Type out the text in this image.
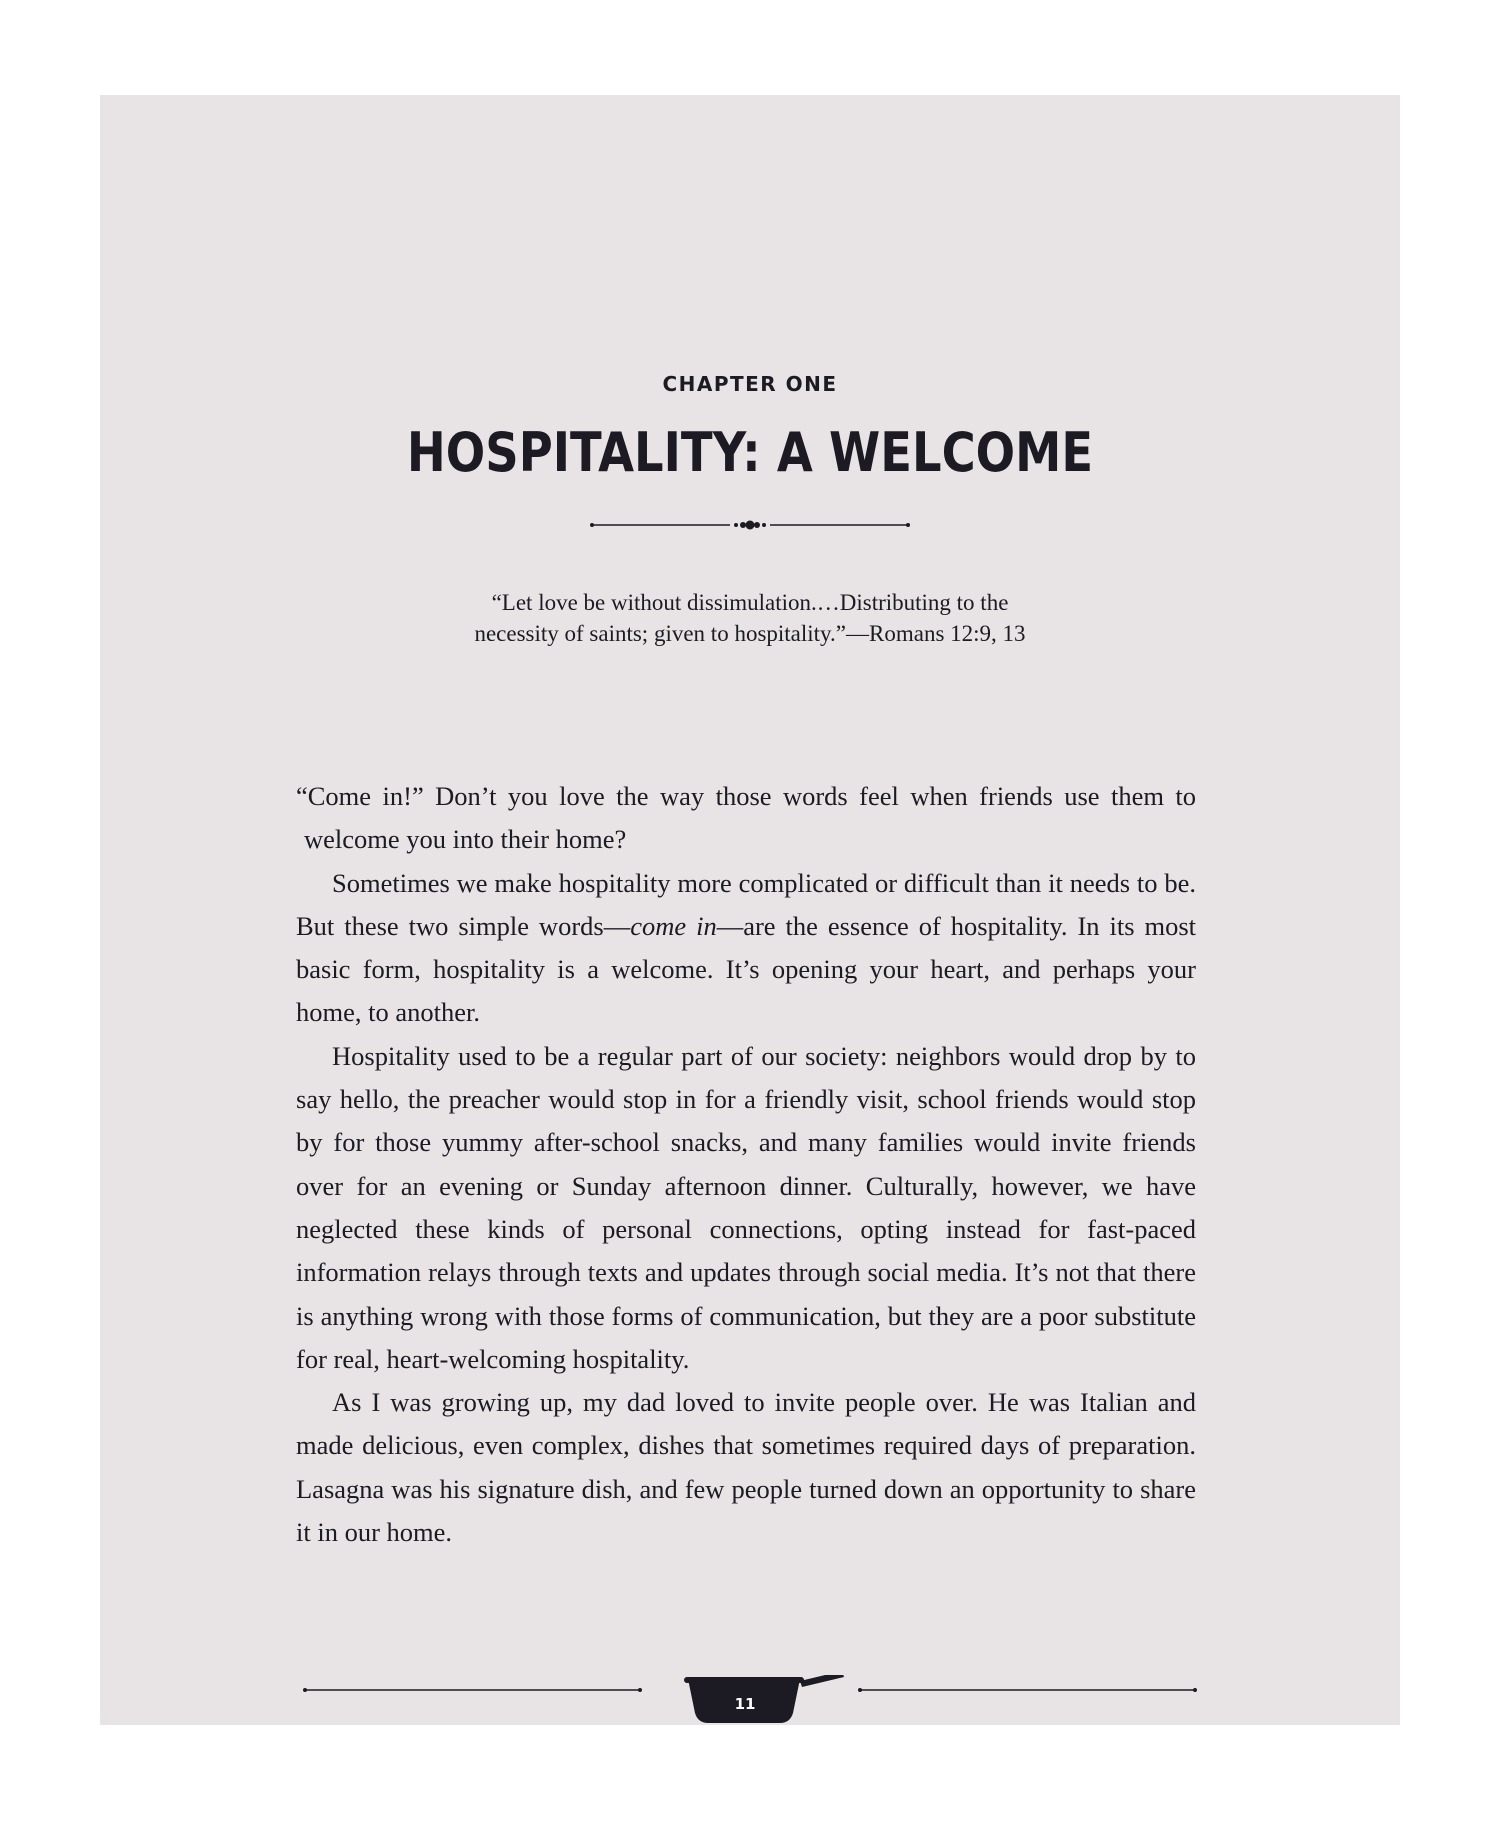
CHAPTER ONE
HOSPITALITY: A WELCOME
“Let love be without dissimulation.…Distributing to the
necessity of saints; given to hospitality.”—Romans 12:9, 13

“Come in!” Don’t you love the way those words feel when friends use them to welcome you into their home?

Sometimes we make hospitality more complicated or difficult than it needs to be. But these two simple words—come in—are the essence of hospitality. In its most basic form, hospitality is a welcome. It’s opening your heart, and perhaps your home, to another.

Hospitality used to be a regular part of our society: neighbors would drop by to say hello, the preacher would stop in for a friendly visit, school friends would stop by for those yummy after-school snacks, and many families would invite friends over for an evening or Sunday afternoon dinner. Culturally, however, we have neglected these kinds of personal connections, opting instead for fast-paced information relays through texts and updates through social media. It’s not that there is anything wrong with those forms of communication, but they are a poor substitute for real, heart-welcoming hospitality.

As I was growing up, my dad loved to invite people over. He was Italian and made delicious, even complex, dishes that sometimes required days of preparation. Lasagna was his signature dish, and few people turned down an opportunity to share it in our home.

11
